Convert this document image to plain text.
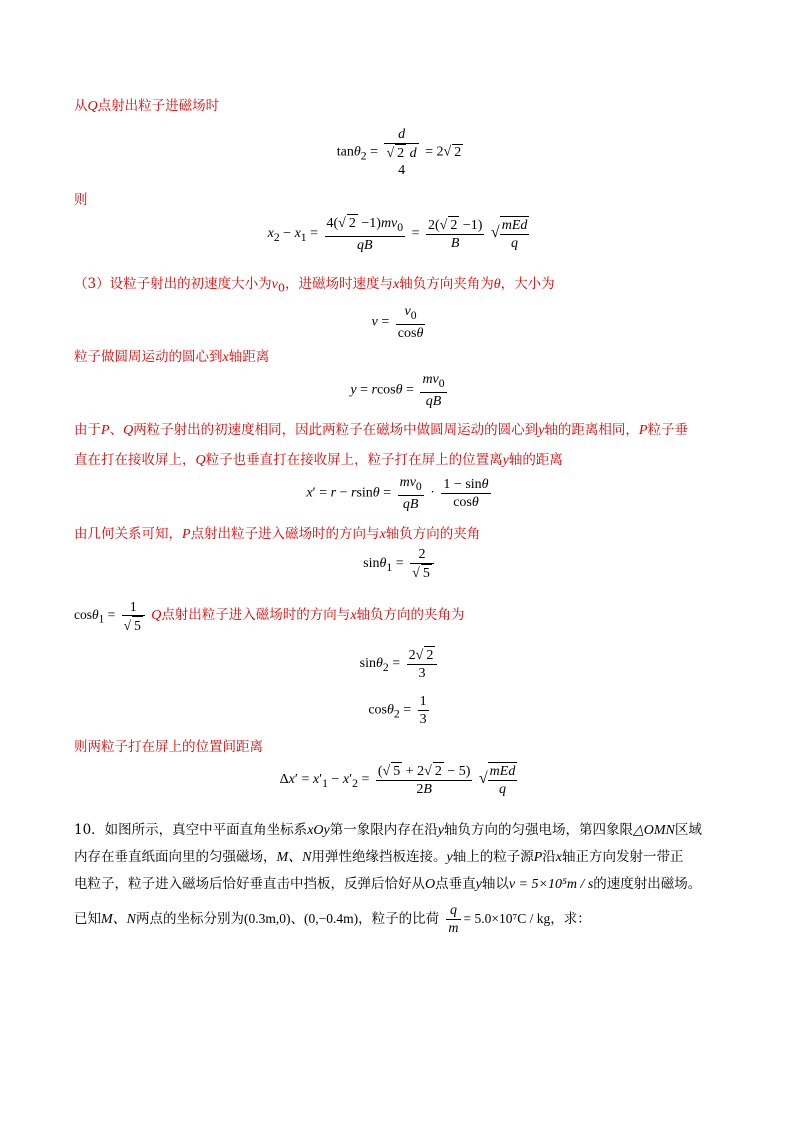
从Q点射出粒子进磁场时
tanθ$_2$ =
d
√ 2 d
4
= 2√ 2
则
$x_2 - x_1 = \frac{4(√ 2 -1)mv_0}{qB} = \frac{2(√ 2 -1)}{B}$ √ $\frac{\text{mEd}}{q}$
（3）设粒子射出的初速度大小为$v_0$，进磁场时速度与x轴负方向夹角为θ，大小为
$v = \frac{v_0}{\cos\theta}$
粒子做圆周运动的圆心到x轴距离
$y = rcos\theta = \frac{mv_0}{qB}$
由于P、Q两粒子射出的初速度相同，因此两粒子在磁场中做圆周运动的圆心到y轴的距离相同，P粒子垂
直在打在接收屏上，Q粒子也垂直打在接收屏上，粒子打在屏上的位置离y轴的距离
$x' = r - rsin\theta = \frac{mv_0}{qB} \cdot \frac{1 - \sin\theta}{\cos\theta}$
由几何关系可知，P点射出粒子进入磁场时的方向与x轴负方向的夹角
$\sin\theta_1 = \frac{2}{√ 5}$
$\cos\theta_1 = \frac{1}{√ 5}$ Q点射出粒子进入磁场时的方向与x轴负方向的夹角为
$\sin\theta_2 = \frac{2√ 2}{3}$
$\cos\theta_2 = \frac{1}{3}$
则两粒子打在屏上的位置间距离
$\Delta x' = x'_1 - x'_2 = \frac{(√ 5 + 2√ 2 - 5)}{2B}$ √ $\frac{\text{mEd}}{q}$
10．如图所示，真空中平面直角坐标系xOy第一象限内存在沿y轴负方向的匀强电场，第四象限△OMN区域
内存在垂直纸面向里的匀强磁场，M、N用弹性绝缘挡板连接。y轴上的粒子源P沿x轴正方向发射一带正
电粒子，粒子进入磁场后恰好垂直击中挡板，反弹后恰好从O点垂直y轴以v = 5×10⁵m / s的速度射出磁场。
已知M、N两点的坐标分别为(0.3m,0)、(0,−0.4m)，粒子的比荷 $\frac{q}{m} = 5.0\times 10^7C$ / kg，求：
